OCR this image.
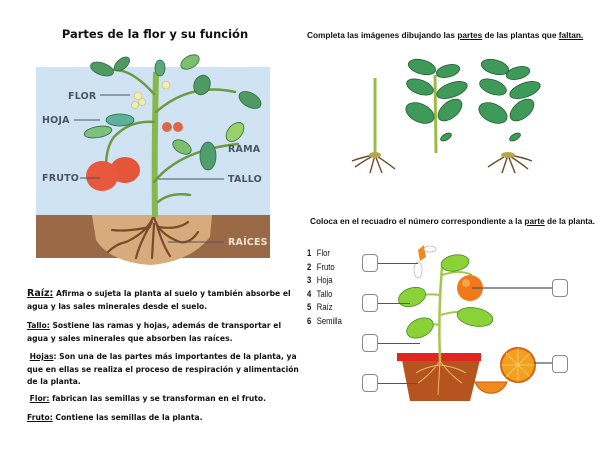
Partes de la flor y su función
FLOR
HOJA
FRUTO
RAMA
TALLO
RAÍCES
Raíz: Afirma o sujeta la planta al suelo y también absorbe el agua y las sales minerales desde el suelo.
Tallo: Sostiene las ramas y hojas, además de transportar el agua y sales minerales que absorben las raíces.
Hojas: Son una de las partes más importantes de la planta, ya que en ellas se realiza el proceso de respiración y alimentación de la planta.
Flor: fabrican las semillas y se transforman en el fruto.
Fruto: Contiene las semillas de la planta.
Completa las imágenes dibujando las partes de las plantas que faltan.
Coloca en el recuadro el número correspondiente a la parte de la planta.
1 Flor
2 Fruto
3 Hoja
4 Tallo
5 Raíz
6 Semilla
